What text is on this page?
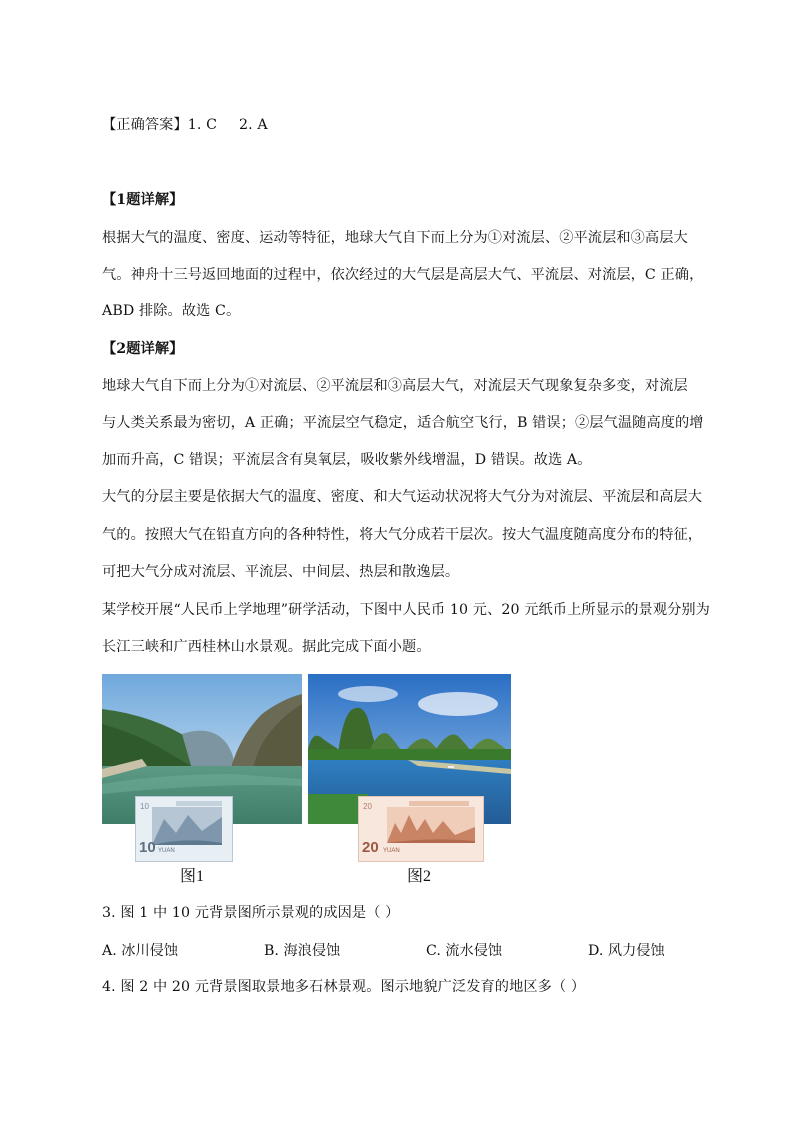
【正确答案】1. C 2. A
【1题详解】
根据大气的温度、密度、运动等特征，地球大气自下而上分为①对流层、②平流层和③高层大
气。神舟十三号返回地面的过程中，依次经过的大气层是高层大气、平流层、对流层，C 正确，
ABD 排除。故选 C。
【2题详解】
地球大气自下而上分为①对流层、②平流层和③高层大气，对流层天气现象复杂多变，对流层
与人类关系最为密切，A 正确；平流层空气稳定，适合航空飞行，B 错误；②层气温随高度的增
加而升高，C 错误；平流层含有臭氧层，吸收紫外线增温，D 错误。故选 A。
大气的分层主要是依据大气的温度、密度、和大气运动状况将大气分为对流层、平流层和高层大
气的。按照大气在铅直方向的各种特性，将大气分成若干层次。按大气温度随高度分布的特征，
可把大气分成对流层、平流层、中间层、热层和散逸层。
某学校开展“人民币上学地理”研学活动，下图中人民币 10 元、20 元纸币上所显示的景观分别为
长江三峡和广西桂林山水景观。据此完成下面小题。
10 YUAN
10
20 YUAN
20
图1	图2
3. 图 1 中 10 元背景图所示景观的成因是（ ）
A. 冰川侵蚀	B. 海浪侵蚀	C. 流水侵蚀	D. 风力侵蚀
4. 图 2 中 20 元背景图取景地多石林景观。图示地貌广泛发育的地区多（ ）
